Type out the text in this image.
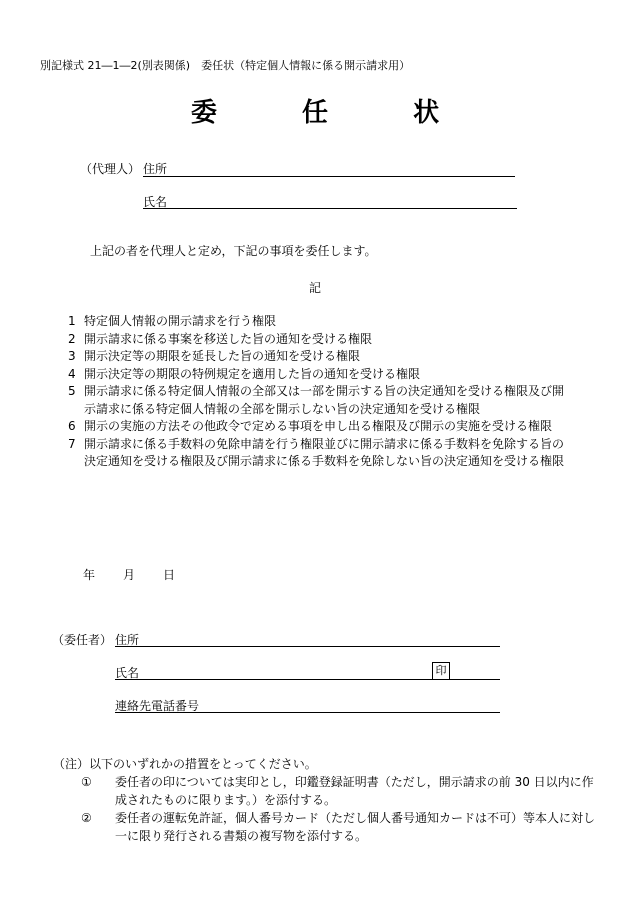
別記様式 21―1―2(別表関係)　委任状（特定個人情報に係る開示請求用）
委	任	状
（代理人） 住所
氏名
上記の者を代理人と定め，下記の事項を委任します。
記
1 特定個人情報の開示請求を行う権限
2 開示請求に係る事案を移送した旨の通知を受ける権限
3 開示決定等の期限を延長した旨の通知を受ける権限
4 開示決定等の期限の特例規定を適用した旨の通知を受ける権限
5 開示請求に係る特定個人情報の全部又は一部を開示する旨の決定通知を受ける権限及び開示請求に係る特定個人情報の全部を開示しない旨の決定通知を受ける権限
6 開示の実施の方法その他政令で定める事項を申し出る権限及び開示の実施を受ける権限
7 開示請求に係る手数料の免除申請を行う権限並びに開示請求に係る手数料を免除する旨の決定通知を受ける権限及び開示請求に係る手数料を免除しない旨の決定通知を受ける権限
年 月 日
（委任者） 住所
氏名	印
連絡先電話番号
（注）以下のいずれかの措置をとってください。
①	委任者の印については実印とし，印鑑登録証明書（ただし，開示請求の前 30 日以内に作成されたものに限ります。）を添付する。
②	委任者の運転免許証，個人番号カード（ただし個人番号通知カードは不可）等本人に対し一に限り発行される書類の複写物を添付する。
